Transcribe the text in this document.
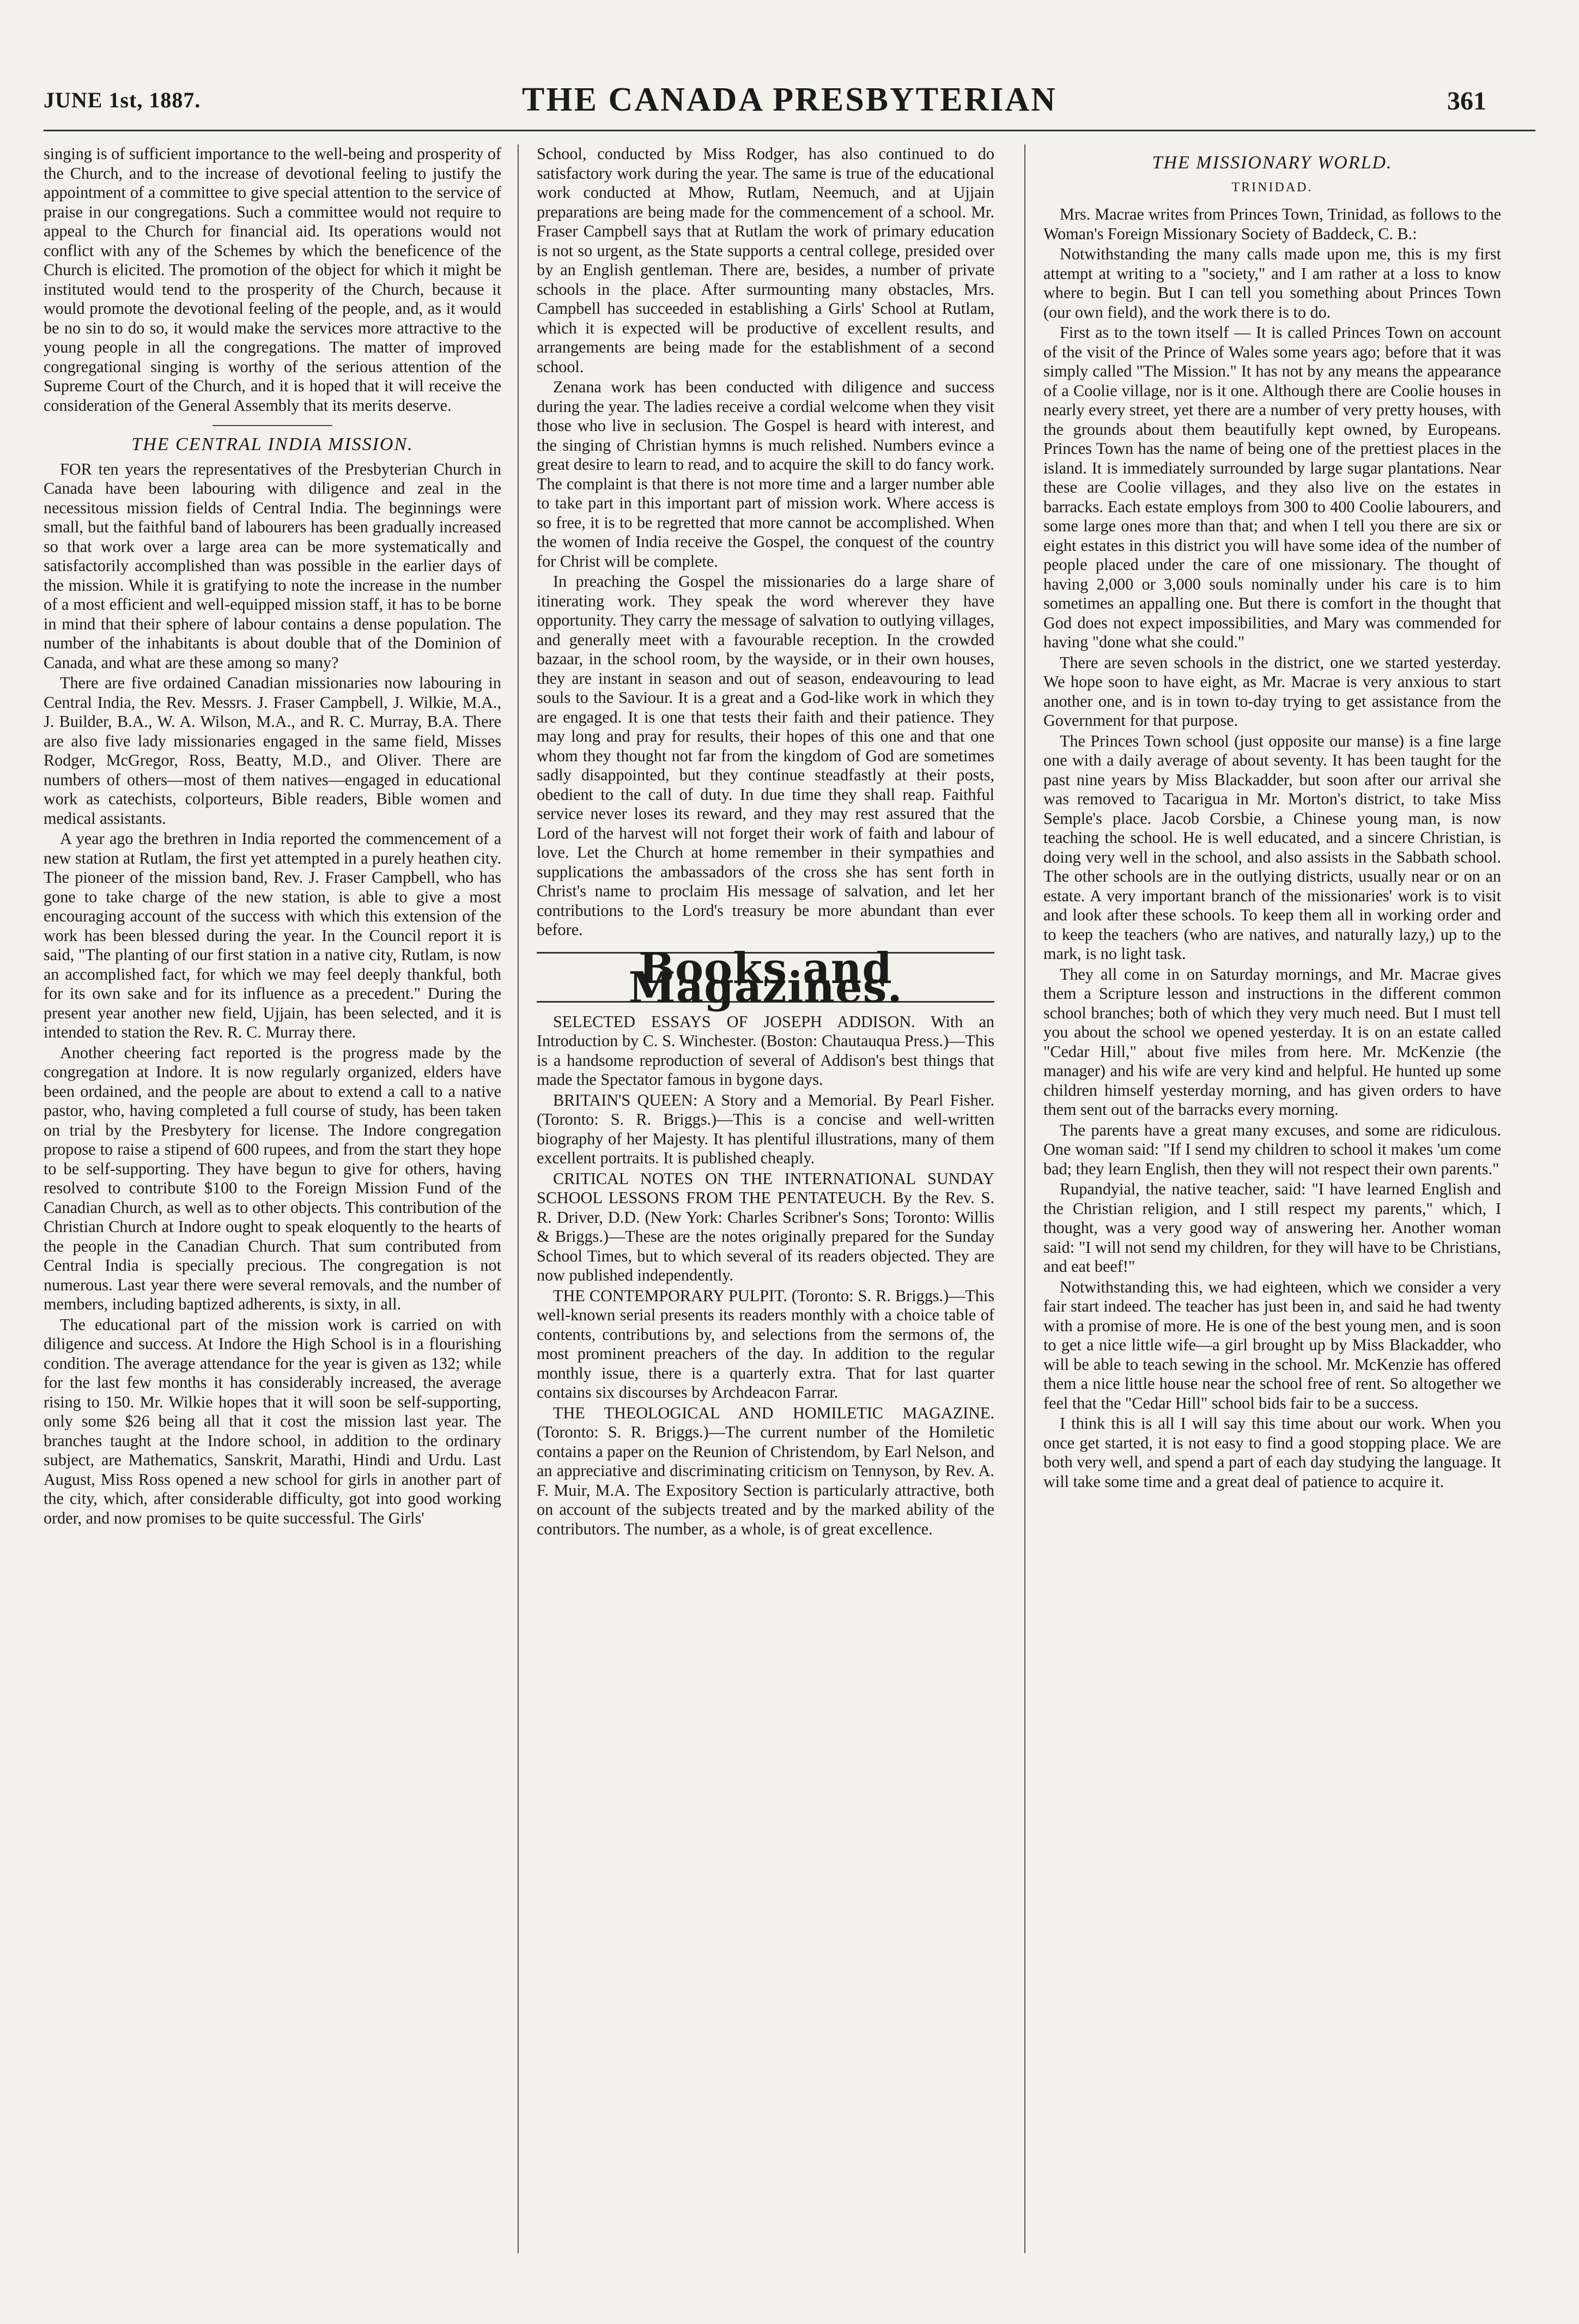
JUNE 1st, 1887.	THE CANADA PRESBYTERIAN	361

singing is of sufficient importance to the well-being and prosperity of the Church, and to the increase of devotional feeling to justify the appointment of a committee to give special attention to the service of praise in our congregations. Such a committee would not require to appeal to the Church for financial aid. Its operations would not conflict with any of the Schemes by which the beneficence of the Church is elicited. The promotion of the object for which it might be instituted would tend to the prosperity of the Church, because it would promote the devotional feeling of the people, and, as it would be no sin to do so, it would make the services more attractive to the young people in all the congregations. The matter of improved congregational singing is worthy of the serious attention of the Supreme Court of the Church, and it is hoped that it will receive the consideration of the General Assembly that its merits deserve.

THE CENTRAL INDIA MISSION.

FOR ten years the representatives of the Presbyterian Church in Canada have been labouring with diligence and zeal in the necessitous mission fields of Central India. The beginnings were small, but the faithful band of labourers has been gradually increased so that work over a large area can be more systematically and satisfactorily accomplished than was possible in the earlier days of the mission. While it is gratifying to note the increase in the number of a most efficient and well-equipped mission staff, it has to be borne in mind that their sphere of labour contains a dense population. The number of the inhabitants is about double that of the Dominion of Canada, and what are these among so many?

There are five ordained Canadian missionaries now labouring in Central India, the Rev. Messrs. J. Fraser Campbell, J. Wilkie, M.A., J. Builder, B.A., W. A. Wilson, M.A., and R. C. Murray, B.A. There are also five lady missionaries engaged in the same field, Misses Rodger, McGregor, Ross, Beatty, M.D., and Oliver. There are numbers of others—most of them natives—engaged in educational work as catechists, colporteurs, Bible readers, Bible women and medical assistants.

A year ago the brethren in India reported the commencement of a new station at Rutlam, the first yet attempted in a purely heathen city. The pioneer of the mission band, Rev. J. Fraser Campbell, who has gone to take charge of the new station, is able to give a most encouraging account of the success with which this extension of the work has been blessed during the year. In the Council report it is said, "The planting of our first station in a native city, Rutlam, is now an accomplished fact, for which we may feel deeply thankful, both for its own sake and for its influence as a precedent." During the present year another new field, Ujjain, has been selected, and it is intended to station the Rev. R. C. Murray there.

Another cheering fact reported is the progress made by the congregation at Indore. It is now regularly organized, elders have been ordained, and the people are about to extend a call to a native pastor, who, having completed a full course of study, has been taken on trial by the Presbytery for license. The Indore congregation propose to raise a stipend of 600 rupees, and from the start they hope to be self-supporting. They have begun to give for others, having resolved to contribute $100 to the Foreign Mission Fund of the Canadian Church, as well as to other objects. This contribution of the Christian Church at Indore ought to speak eloquently to the hearts of the people in the Canadian Church. That sum contributed from Central India is specially precious. The congregation is not numerous. Last year there were several removals, and the number of members, including baptized adherents, is sixty, in all.

The educational part of the mission work is carried on with diligence and success. At Indore the High School is in a flourishing condition. The average attendance for the year is given as 132; while for the last few months it has considerably increased, the average rising to 150. Mr. Wilkie hopes that it will soon be self-supporting, only some $26 being all that it cost the mission last year. The branches taught at the Indore school, in addition to the ordinary subject, are Mathematics, Sanskrit, Marathi, Hindi and Urdu. Last August, Miss Ross opened a new school for girls in another part of the city, which, after considerable difficulty, got into good working order, and now promises to be quite successful. The Girls'

School, conducted by Miss Rodger, has also continued to do satisfactory work during the year. The same is true of the educational work conducted at Mhow, Rutlam, Neemuch, and at Ujjain preparations are being made for the commencement of a school. Mr. Fraser Campbell says that at Rutlam the work of primary education is not so urgent, as the State supports a central college, presided over by an English gentleman. There are, besides, a number of private schools in the place. After surmounting many obstacles, Mrs. Campbell has succeeded in establishing a Girls' School at Rutlam, which it is expected will be productive of excellent results, and arrangements are being made for the establishment of a second school.

Zenana work has been conducted with diligence and success during the year. The ladies receive a cordial welcome when they visit those who live in seclusion. The Gospel is heard with interest, and the singing of Christian hymns is much relished. Numbers evince a great desire to learn to read, and to acquire the skill to do fancy work. The complaint is that there is not more time and a larger number able to take part in this important part of mission work. Where access is so free, it is to be regretted that more cannot be accomplished. When the women of India receive the Gospel, the conquest of the country for Christ will be complete.

In preaching the Gospel the missionaries do a large share of itinerating work. They speak the word wherever they have opportunity. They carry the message of salvation to outlying villages, and generally meet with a favourable reception. In the crowded bazaar, in the school room, by the wayside, or in their own houses, they are instant in season and out of season, endeavouring to lead souls to the Saviour. It is a great and a God-like work in which they are engaged. It is one that tests their faith and their patience. They may long and pray for results, their hopes of this one and that one whom they thought not far from the kingdom of God are sometimes sadly disappointed, but they continue steadfastly at their posts, obedient to the call of duty. In due time they shall reap. Faithful service never loses its reward, and they may rest assured that the Lord of the harvest will not forget their work of faith and labour of love. Let the Church at home remember in their sympathies and supplications the ambassadors of the cross she has sent forth in Christ's name to proclaim His message of salvation, and let her contributions to the Lord's treasury be more abundant than ever before.

Books and Magazines.

SELECTED ESSAYS OF JOSEPH ADDISON. With an Introduction by C. S. Winchester. (Boston: Chautauqua Press.)—This is a handsome reproduction of several of Addison's best things that made the Spectator famous in bygone days.

BRITAIN'S QUEEN: A Story and a Memorial. By Pearl Fisher. (Toronto: S. R. Briggs.)—This is a concise and well-written biography of her Majesty. It has plentiful illustrations, many of them excellent portraits. It is published cheaply.

CRITICAL NOTES ON THE INTERNATIONAL SUNDAY SCHOOL LESSONS FROM THE PENTATEUCH. By the Rev. S. R. Driver, D.D. (New York: Charles Scribner's Sons; Toronto: Willis & Briggs.)—These are the notes originally prepared for the Sunday School Times, but to which several of its readers objected. They are now published independently.

THE CONTEMPORARY PULPIT. (Toronto: S. R. Briggs.)—This well-known serial presents its readers monthly with a choice table of contents, contributions by, and selections from the sermons of, the most prominent preachers of the day. In addition to the regular monthly issue, there is a quarterly extra. That for last quarter contains six discourses by Archdeacon Farrar.

THE THEOLOGICAL AND HOMILETIC MAGAZINE. (Toronto: S. R. Briggs.)—The current number of the Homiletic contains a paper on the Reunion of Christendom, by Earl Nelson, and an appreciative and discriminating criticism on Tennyson, by Rev. A. F. Muir, M.A. The Expository Section is particularly attractive, both on account of the subjects treated and by the marked ability of the contributors. The number, as a whole, is of great excellence.

THE MISSIONARY WORLD.
TRINIDAD.

Mrs. Macrae writes from Princes Town, Trinidad, as follows to the Woman's Foreign Missionary Society of Baddeck, C. B.:

Notwithstanding the many calls made upon me, this is my first attempt at writing to a "society," and I am rather at a loss to know where to begin. But I can tell you something about Princes Town (our own field), and the work there is to do.

First as to the town itself — It is called Princes Town on account of the visit of the Prince of Wales some years ago; before that it was simply called "The Mission." It has not by any means the appearance of a Coolie village, nor is it one. Although there are Coolie houses in nearly every street, yet there are a number of very pretty houses, with the grounds about them beautifully kept owned, by Europeans. Princes Town has the name of being one of the prettiest places in the island. It is immediately surrounded by large sugar plantations. Near these are Coolie villages, and they also live on the estates in barracks. Each estate employs from 300 to 400 Coolie labourers, and some large ones more than that; and when I tell you there are six or eight estates in this district you will have some idea of the number of people placed under the care of one missionary. The thought of having 2,000 or 3,000 souls nominally under his care is to him sometimes an appalling one. But there is comfort in the thought that God does not expect impossibilities, and Mary was commended for having "done what she could."

There are seven schools in the district, one we started yesterday. We hope soon to have eight, as Mr. Macrae is very anxious to start another one, and is in town to-day trying to get assistance from the Government for that purpose.

The Princes Town school (just opposite our manse) is a fine large one with a daily average of about seventy. It has been taught for the past nine years by Miss Blackadder, but soon after our arrival she was removed to Tacarigua in Mr. Morton's district, to take Miss Semple's place. Jacob Corsbie, a Chinese young man, is now teaching the school. He is well educated, and a sincere Christian, is doing very well in the school, and also assists in the Sabbath school. The other schools are in the outlying districts, usually near or on an estate. A very important branch of the missionaries' work is to visit and look after these schools. To keep them all in working order and to keep the teachers (who are natives, and naturally lazy,) up to the mark, is no light task.

They all come in on Saturday mornings, and Mr. Macrae gives them a Scripture lesson and instructions in the different common school branches; both of which they very much need. But I must tell you about the school we opened yesterday. It is on an estate called "Cedar Hill," about five miles from here. Mr. McKenzie (the manager) and his wife are very kind and helpful. He hunted up some children himself yesterday morning, and has given orders to have them sent out of the barracks every morning.

The parents have a great many excuses, and some are ridiculous. One woman said: "If I send my children to school it makes 'um come bad; they learn English, then they will not respect their own parents."

Rupandyial, the native teacher, said: "I have learned English and the Christian religion, and I still respect my parents," which, I thought, was a very good way of answering her. Another woman said: "I will not send my children, for they will have to be Christians, and eat beef!"

Notwithstanding this, we had eighteen, which we consider a very fair start indeed. The teacher has just been in, and said he had twenty with a promise of more. He is one of the best young men, and is soon to get a nice little wife—a girl brought up by Miss Blackadder, who will be able to teach sewing in the school. Mr. McKenzie has offered them a nice little house near the school free of rent. So altogether we feel that the "Cedar Hill" school bids fair to be a success.

I think this is all I will say this time about our work. When you once get started, it is not easy to find a good stopping place. We are both very well, and spend a part of each day studying the language. It will take some time and a great deal of patience to acquire it.
